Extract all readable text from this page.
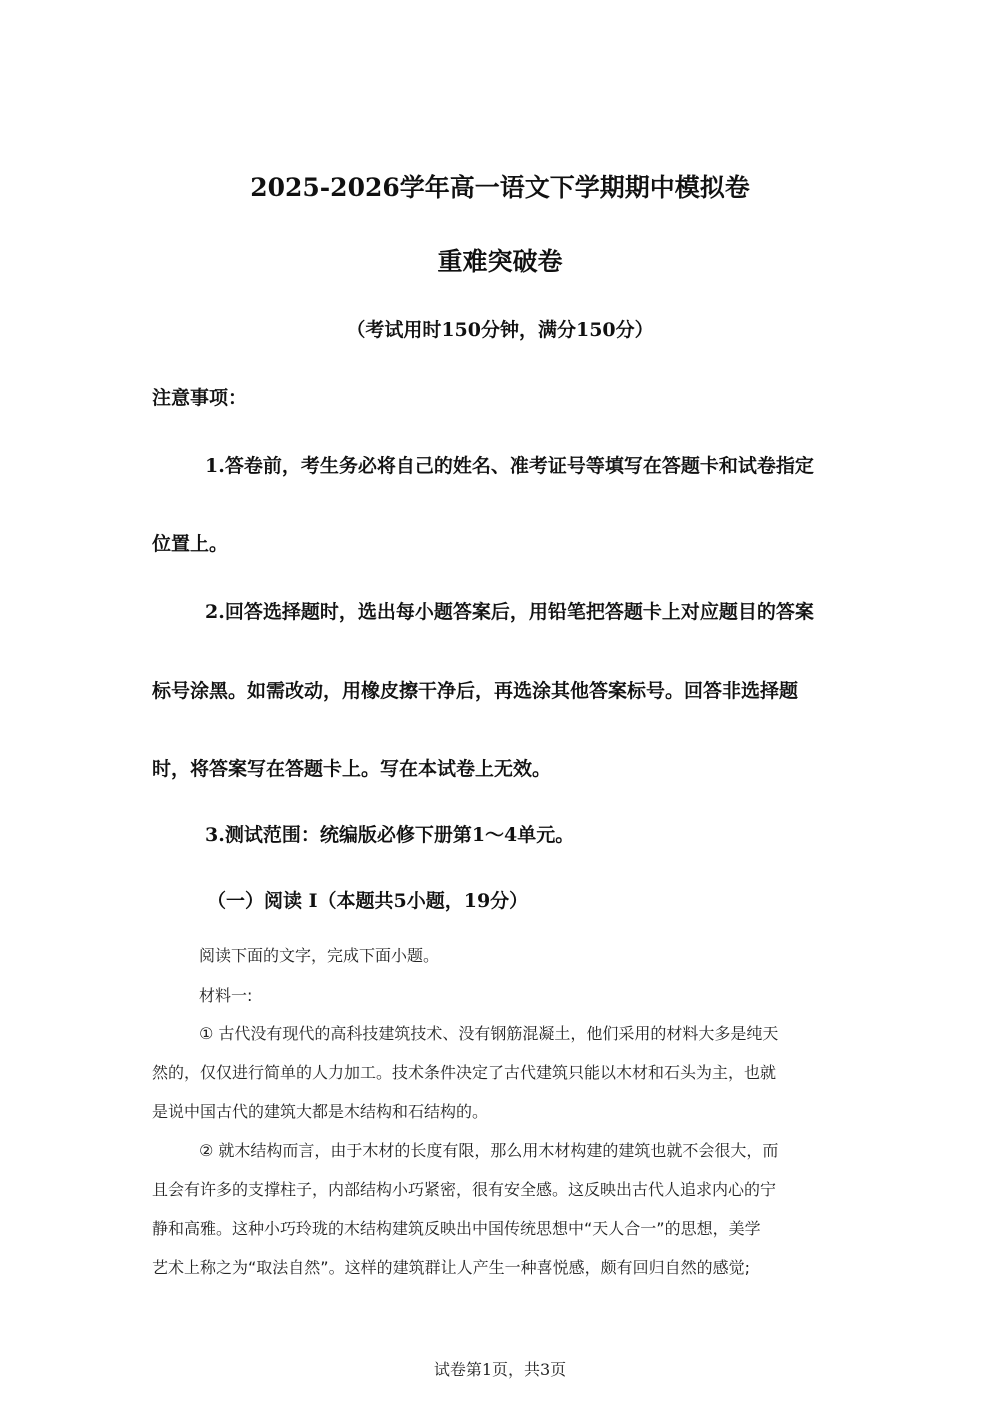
2025-2026学年高一语文下学期期中模拟卷
重难突破卷
（考试用时150分钟，满分150分）
注意事项：
1.答卷前，考生务必将自己的姓名、准考证号等填写在答题卡和试卷指定
位置上。
2.回答选择题时，选出每小题答案后，用铅笔把答题卡上对应题目的答案
标号涂黑。如需改动，用橡皮擦干净后，再选涂其他答案标号。回答非选择题
时，将答案写在答题卡上。写在本试卷上无效。
3.测试范围：统编版必修下册第1～4单元。
（一）阅读 I（本题共5小题，19分）
阅读下面的文字，完成下面小题。
材料一:
① 古代没有现代的高科技建筑技术、没有钢筋混凝土，他们采用的材料大多是纯天
然的，仅仅进行简单的人力加工。技术条件决定了古代建筑只能以木材和石头为主，也就
是说中国古代的建筑大都是木结构和石结构的。
② 就木结构而言，由于木材的长度有限，那么用木材构建的建筑也就不会很大，而
且会有许多的支撑柱子，内部结构小巧紧密，很有安全感。这反映出古代人追求内心的宁
静和高雅。这种小巧玲珑的木结构建筑反映出中国传统思想中“天人合一”的思想，美学
艺术上称之为“取法自然”。这样的建筑群让人产生一种喜悦感，颇有回归自然的感觉;
试卷第1页，共3页
